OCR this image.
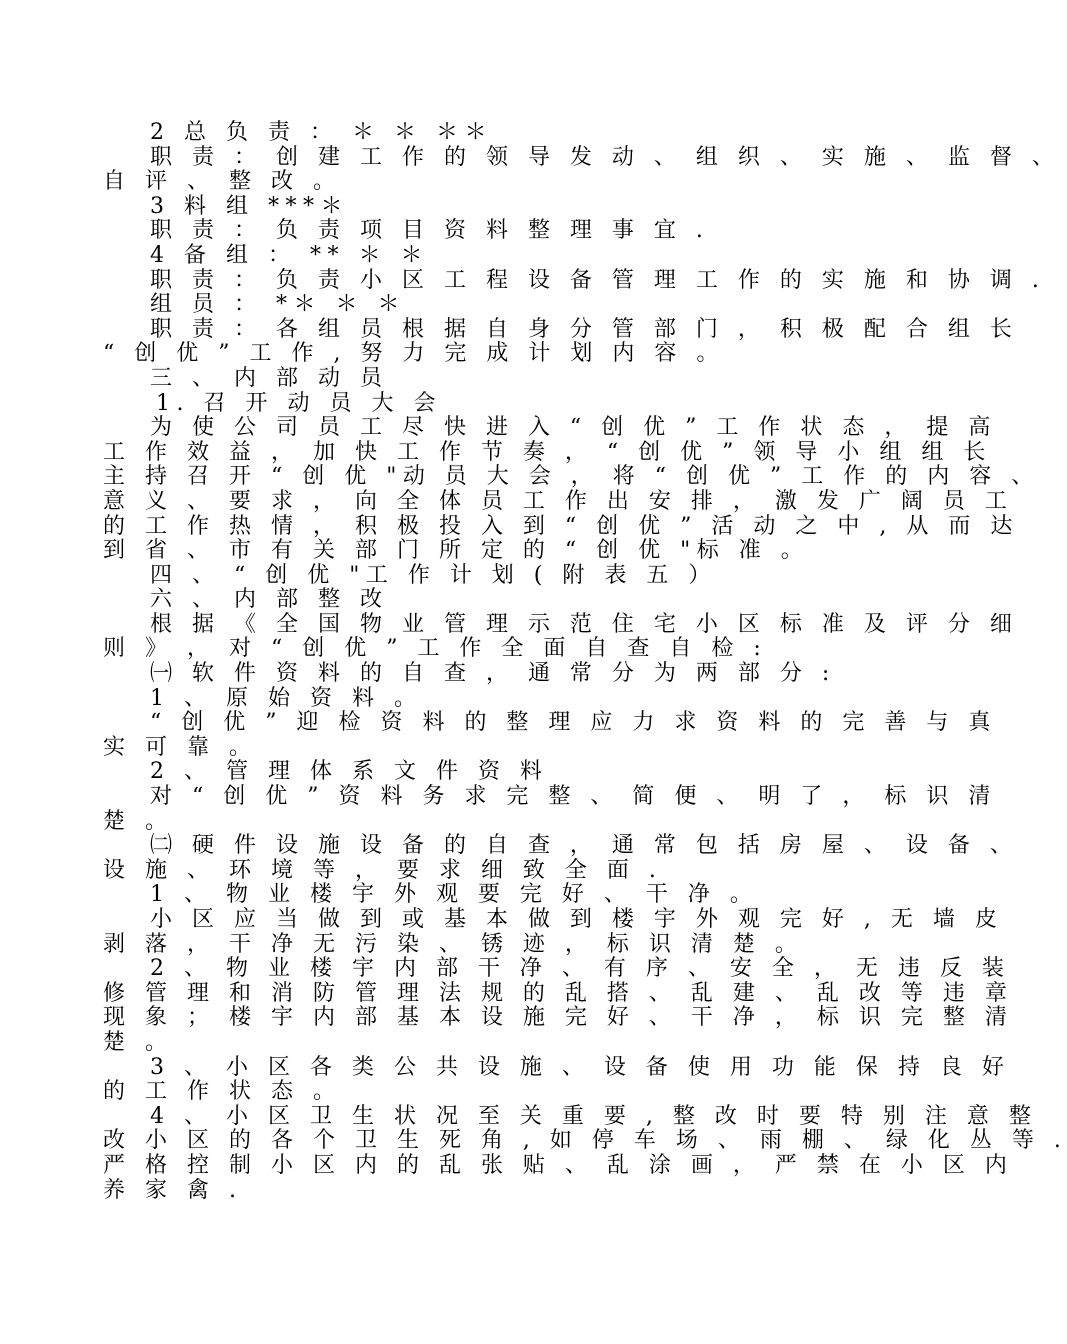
2 总 负 责 ： ＊ ＊ ＊＊
职 责 ： 创 建 工 作 的 领 导 发 动 、 组 织 、 实 施 、 监 督 、
自 评 、 整 改 。
3 料 组 ***＊
职 责 ： 负 责 项 目 资 料 整 理 事 宜 .
4 备 组 ： ** ＊ ＊
职 责 ： 负 责 小 区 工 程 设 备 管 理 工 作 的 实 施 和 协 调 .
组 员 ： *＊ ＊ ＊
职 责 ： 各 组 员 根 据 自 身 分 管 部 门 ， 积 极 配 合 组 长
“ 创 优 ” 工 作 , 努 力 完 成 计 划 内 容 。
三 、 内 部 动 员
1. 召 开 动 员 大 会
为 使 公 司 员 工 尽 快 进 入 “ 创 优 ” 工 作 状 态 ， 提 高
工 作 效 益 ， 加 快 工 作 节 奏 ， “ 创 优 ” 领 导 小 组 组 长
主 持 召 开 “ 创 优 "动 员 大 会 ， 将 “ 创 优 ” 工 作 的 内 容 、
意 义 、 要 求 ， 向 全 体 员 工 作 出 安 排 ， 激 发 广 阔 员 工
的 工 作 热 情 ， 积 极 投 入 到 “ 创 优 ” 活 动 之 中 , 从 而 达
到 省 、 市 有 关 部 门 所 定 的 “ 创 优 "标 准 。
四 、 “ 创 优 "工 作 计 划 ( 附 表 五 ）
六 、 内 部 整 改
根 据 《 全 国 物 业 管 理 示 范 住 宅 小 区 标 准 及 评 分 细
则 》 ， 对 “ 创 优 ” 工 作 全 面 自 查 自 检 :
㈠ 软 件 资 料 的 自 查 ， 通 常 分 为 两 部 分 :
1 、 原 始 资 料 。
“ 创 优 ” 迎 检 资 料 的 整 理 应 力 求 资 料 的 完 善 与 真
实 可 靠 。
2 、 管 理 体 系 文 件 资 料
对 “ 创 优 ” 资 料 务 求 完 整 、 简 便 、 明 了 ， 标 识 清
楚 。
㈡ 硬 件 设 施 设 备 的 自 查 ， 通 常 包 括 房 屋 、 设 备 、
设 施 、 环 境 等 ， 要 求 细 致 全 面 .
1 、 物 业 楼 宇 外 观 要 完 好 、 干 净 。
小 区 应 当 做 到 或 基 本 做 到 楼 宇 外 观 完 好 , 无 墙 皮
剥 落 ， 干 净 无 污 染 、 锈 迹 ， 标 识 清 楚 。
2 、 物 业 楼 宇 内 部 干 净 、 有 序 、 安 全 ， 无 违 反 装
修 管 理 和 消 防 管 理 法 规 的 乱 搭 、 乱 建 、 乱 改 等 违 章
现 象 ； 楼 宇 内 部 基 本 设 施 完 好 、 干 净 ， 标 识 完 整 清
楚 。
3 、 小 区 各 类 公 共 设 施 、 设 备 使 用 功 能 保 持 良 好
的 工 作 状 态 。
4 、 小 区 卫 生 状 况 至 关 重 要 , 整 改 时 要 特 别 注 意 整
改 小 区 的 各 个 卫 生 死 角 , 如 停 车 场 、 雨 棚 、 绿 化 丛 等 .
严 格 控 制 小 区 内 的 乱 张 贴 、 乱 涂 画 ， 严 禁 在 小 区 内
养 家 禽 .
